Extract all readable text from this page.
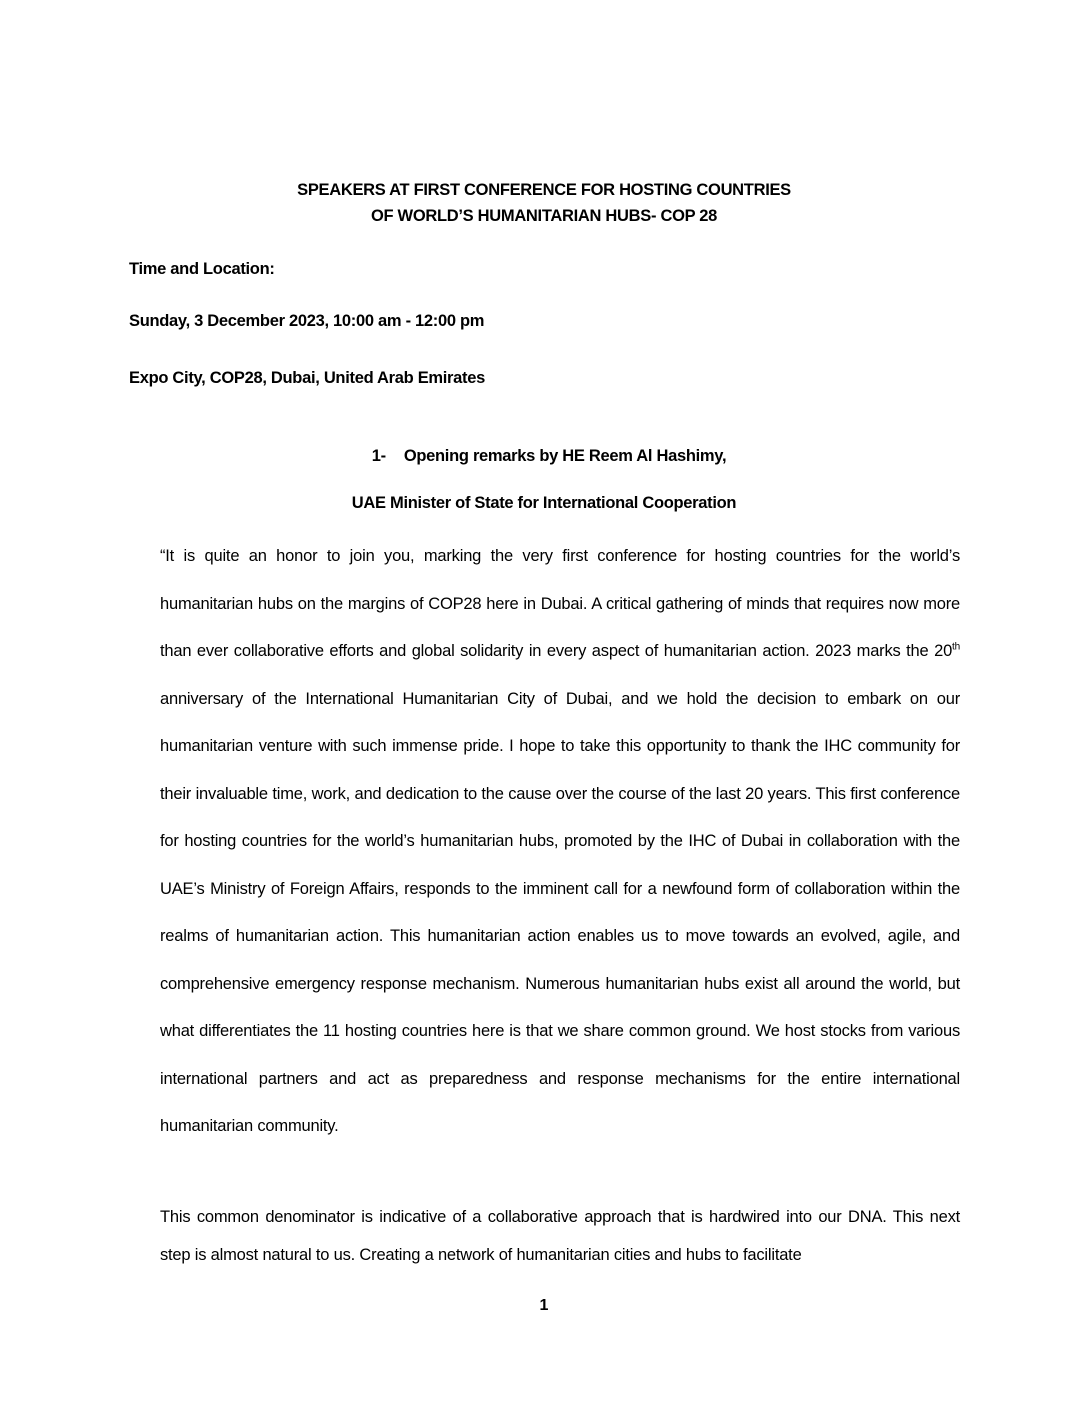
SPEAKERS AT FIRST CONFERENCE FOR HOSTING COUNTRIES
OF WORLD’S HUMANITARIAN HUBS- COP 28
Time and Location:
Sunday, 3 December 2023, 10:00 am - 12:00 pm
Expo City, COP28, Dubai, United Arab Emirates
1- Opening remarks by HE Reem Al Hashimy,
UAE Minister of State for International Cooperation
“It is quite an honor to join you, marking the very first conference for hosting countries for the world’s humanitarian hubs on the margins of COP28 here in Dubai. A critical gathering of minds that requires now more than ever collaborative efforts and global solidarity in every aspect of humanitarian action. 2023 marks the 20th anniversary of the International Humanitarian City of Dubai, and we hold the decision to embark on our humanitarian venture with such immense pride. I hope to take this opportunity to thank the IHC community for their invaluable time, work, and dedication to the cause over the course of the last 20 years. This first conference for hosting countries for the world’s humanitarian hubs, promoted by the IHC of Dubai in collaboration with the UAE’s Ministry of Foreign Affairs, responds to the imminent call for a newfound form of collaboration within the realms of humanitarian action. This humanitarian action enables us to move towards an evolved, agile, and comprehensive emergency response mechanism. Numerous humanitarian hubs exist all around the world, but what differentiates the 11 hosting countries here is that we share common ground. We host stocks from various international partners and act as preparedness and response mechanisms for the entire international humanitarian community.
This common denominator is indicative of a collaborative approach that is hardwired into our DNA. This next step is almost natural to us. Creating a network of humanitarian cities and hubs to facilitate
1
